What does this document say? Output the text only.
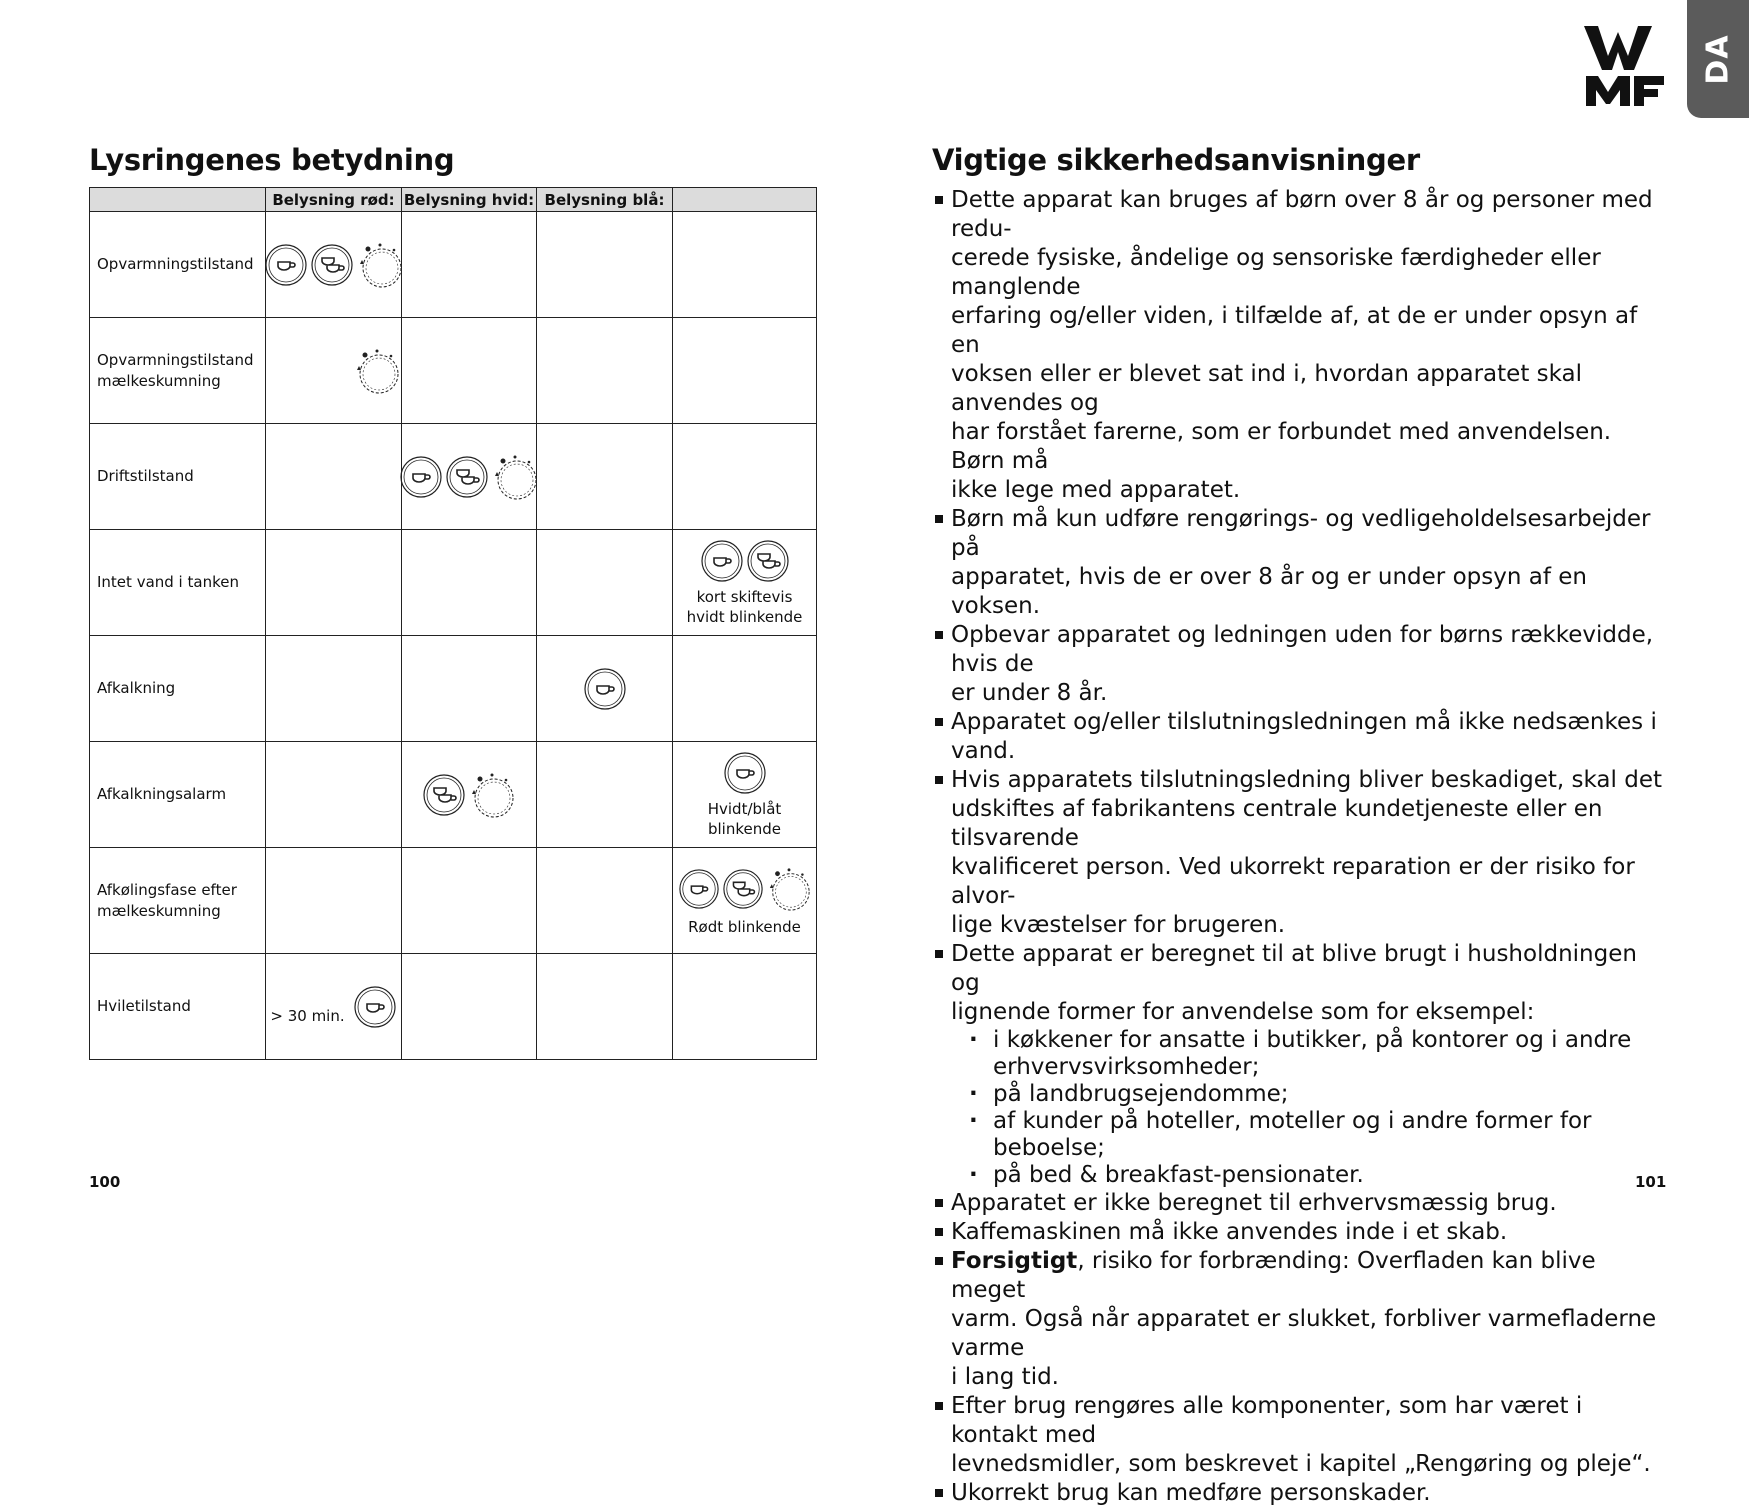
DA
Lysringenes betydning
	Belysning rød:	Belysning hvid:	Belysning blå:	
Opvarmningstilstand	

Opvarmningstilstand
mælkeskumning	

Driftstilstand		

Intet vand i tanken				kort skiftevis
hvidt blinkende

Afkalkning			

Afkalkningsalarm				Hvidt/blåt
blinkende

Afkølingsfase efter
mælkeskumning				Rødt blinkende

Hviletilstand	> 30 min.			

100
Vigtige sikkerhedsanvisninger
Dette apparat kan bruges af børn over 8 år og personer med redu-
cerede fysiske, åndelige og sensoriske færdigheder eller manglende
erfaring og/eller viden, i tilfælde af, at de er under opsyn af en
voksen eller er blevet sat ind i, hvordan apparatet skal anvendes og
har forstået farerne, som er forbundet med anvendelsen. Børn må
ikke lege med apparatet.
Børn må kun udføre rengørings- og vedligeholdelsesarbejder på
apparatet, hvis de er over 8 år og er under opsyn af en voksen.
Opbevar apparatet og ledningen uden for børns rækkevidde, hvis de
er under 8 år.
Apparatet og/eller tilslutningsledningen må ikke nedsænkes i vand.
Hvis apparatets tilslutningsledning bliver beskadiget, skal det
udskiftes af fabrikantens centrale kundetjeneste eller en tilsvarende
kvalificeret person. Ved ukorrekt reparation er der risiko for alvor-
lige kvæstelser for brugeren.
Dette apparat er beregnet til at blive brugt i husholdningen og
lignende former for anvendelse som for eksempel:
· i køkkener for ansatte i butikker, på kontorer og i andre
erhvervsvirksomheder;
· på landbrugsejendomme;
· af kunder på hoteller, moteller og i andre former for beboelse;
· på bed & breakfast-pensionater.
Apparatet er ikke beregnet til erhvervsmæssig brug.
Kaffemaskinen må ikke anvendes inde i et skab.
Forsigtigt, risiko for forbrænding: Overfladen kan blive meget
varm. Også når apparatet er slukket, forbliver varmefladerne varme
i lang tid.
Efter brug rengøres alle komponenter, som har været i kontakt med
levnedsmidler, som beskrevet i kapitel „Rengøring og pleje“.
Ukorrekt brug kan medføre personskader.
101
